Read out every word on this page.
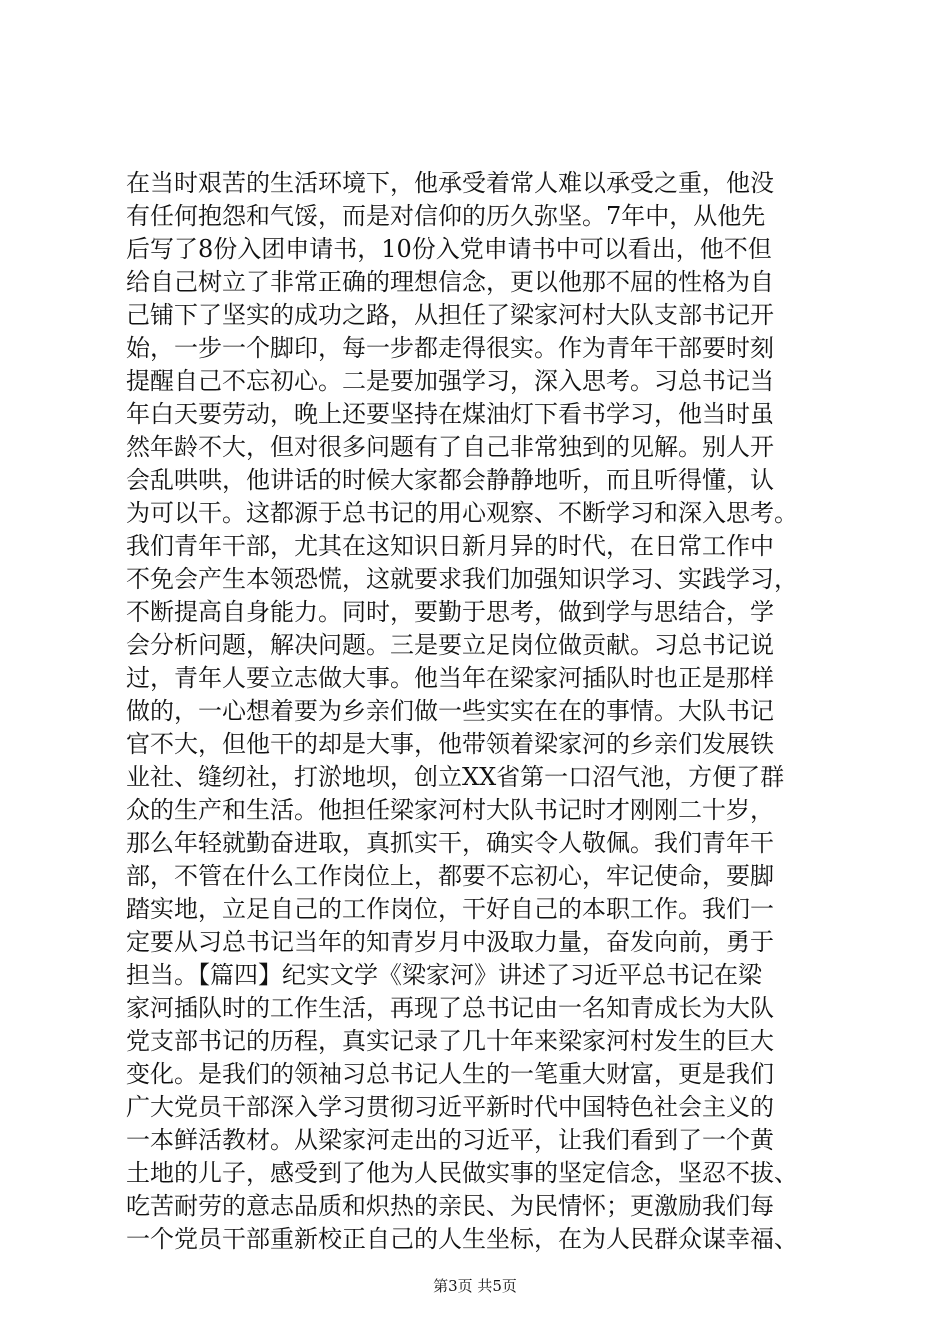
在当时艰苦的生活环境下，他承受着常人难以承受之重，他没
有任何抱怨和气馁，而是对信仰的历久弥坚。7年中，从他先
后写了8份入团申请书，10份入党申请书中可以看出，他不但
给自己树立了非常正确的理想信念，更以他那不屈的性格为自
己铺下了坚实的成功之路，从担任了梁家河村大队支部书记开
始，一步一个脚印，每一步都走得很实。作为青年干部要时刻
提醒自己不忘初心。二是要加强学习，深入思考。习总书记当
年白天要劳动，晚上还要坚持在煤油灯下看书学习，他当时虽
然年龄不大，但对很多问题有了自己非常独到的见解。别人开
会乱哄哄，他讲话的时候大家都会静静地听，而且听得懂，认
为可以干。这都源于总书记的用心观察、不断学习和深入思考。
我们青年干部，尤其在这知识日新月异的时代，在日常工作中
不免会产生本领恐慌，这就要求我们加强知识学习、实践学习，
不断提高自身能力。同时，要勤于思考，做到学与思结合，学
会分析问题，解决问题。三是要立足岗位做贡献。习总书记说
过，青年人要立志做大事。他当年在梁家河插队时也正是那样
做的，一心想着要为乡亲们做一些实实在在的事情。大队书记
官不大，但他干的却是大事，他带领着梁家河的乡亲们发展铁
业社、缝纫社，打淤地坝，创立XX省第一口沼气池，方便了群
众的生产和生活。他担任梁家河村大队书记时才刚刚二十岁，
那么年轻就勤奋进取，真抓实干，确实令人敬佩。我们青年干
部，不管在什么工作岗位上，都要不忘初心，牢记使命，要脚
踏实地，立足自己的工作岗位，干好自己的本职工作。我们一
定要从习总书记当年的知青岁月中汲取力量，奋发向前，勇于
担当。【篇四】纪实文学《梁家河》讲述了习近平总书记在梁
家河插队时的工作生活，再现了总书记由一名知青成长为大队
党支部书记的历程，真实记录了几十年来梁家河村发生的巨大
变化。是我们的领袖习总书记人生的一笔重大财富，更是我们
广大党员干部深入学习贯彻习近平新时代中国特色社会主义的
一本鲜活教材。从梁家河走出的习近平，让我们看到了一个黄
土地的儿子，感受到了他为人民做实事的坚定信念，坚忍不拔、
吃苦耐劳的意志品质和炽热的亲民、为民情怀；更激励我们每
一个党员干部重新校正自己的人生坐标，在为人民群众谋幸福、
第3页 共5页
